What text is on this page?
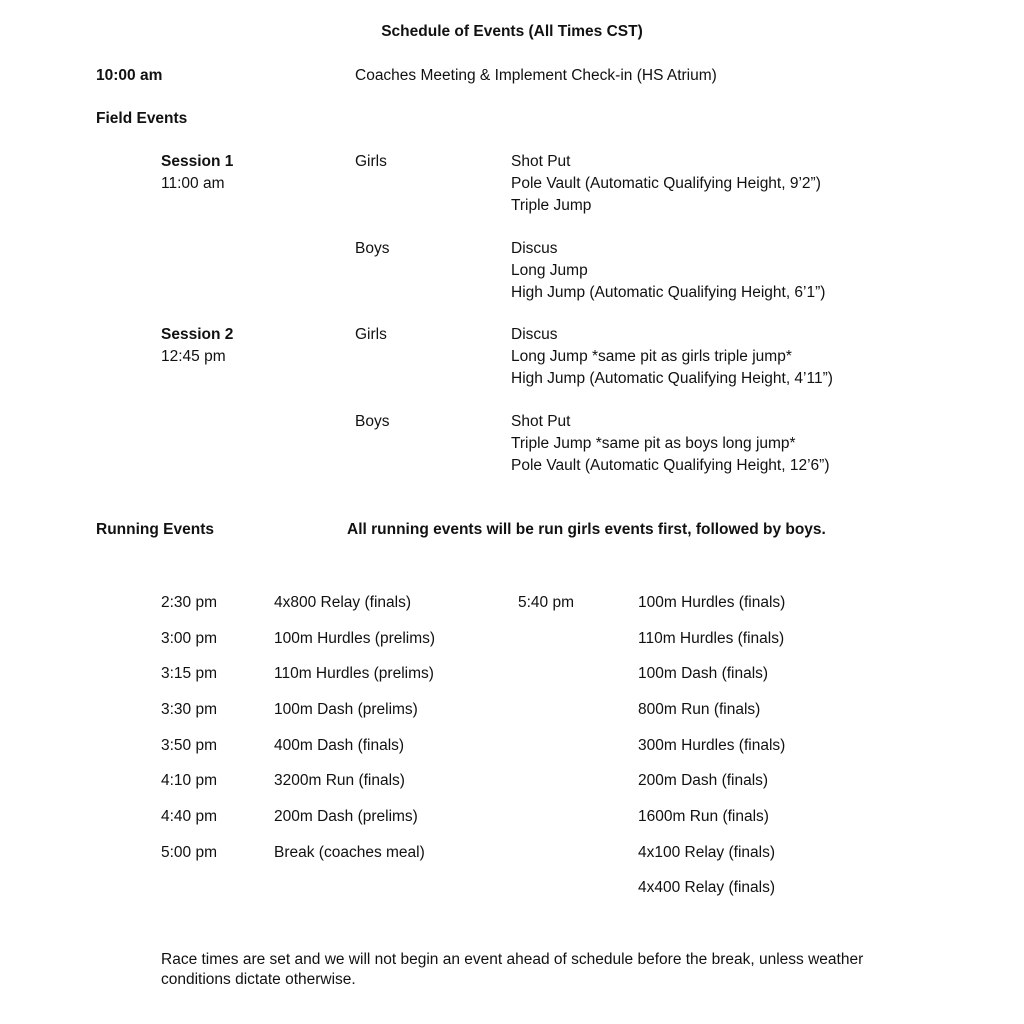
Schedule of Events (All Times CST)
10:00 am	Coaches Meeting & Implement Check-in (HS Atrium)
Field Events
Session 1
11:00 am
Girls	Shot Put
Pole Vault (Automatic Qualifying Height, 9’2”)
Triple Jump
Boys	Discus
Long Jump
High Jump (Automatic Qualifying Height, 6’1”)
Session 2
12:45 pm
Girls	Discus
Long Jump *same pit as girls triple jump*
High Jump (Automatic Qualifying Height, 4’11”)
Boys	Shot Put
Triple Jump *same pit as boys long jump*
Pole Vault (Automatic Qualifying Height, 12’6”)
Running Events	All running events will be run girls events first, followed by boys.
2:30 pm	4x800 Relay (finals)
3:00 pm	100m Hurdles (prelims)
3:15 pm	110m Hurdles (prelims)
3:30 pm	100m Dash (prelims)
3:50 pm	400m Dash (finals)
4:10 pm	3200m Run (finals)
4:40 pm	200m Dash (prelims)
5:00 pm	Break (coaches meal)
5:40 pm	100m Hurdles (finals)
110m Hurdles (finals)
100m Dash (finals)
800m Run (finals)
300m Hurdles (finals)
200m Dash (finals)
1600m Run (finals)
4x100 Relay (finals)
4x400 Relay (finals)
Race times are set and we will not begin an event ahead of schedule before the break, unless weather conditions dictate otherwise.
